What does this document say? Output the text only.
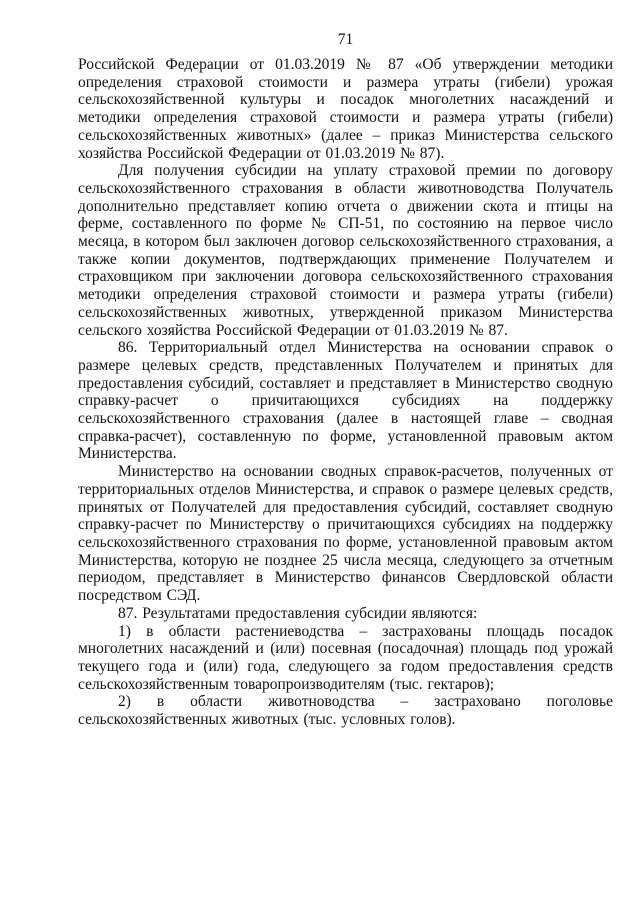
71

Российской Федерации от 01.03.2019 № 87 «Об утверждении методики определения страховой стоимости и размера утраты (гибели) урожая сельскохозяйственной культуры и посадок многолетних насаждений и методики определения страховой стоимости и размера утраты (гибели) сельскохозяйственных животных» (далее – приказ Министерства сельского хозяйства Российской Федерации от 01.03.2019 № 87).

Для получения субсидии на уплату страховой премии по договору сельскохозяйственного страхования в области животноводства Получатель дополнительно представляет копию отчета о движении скота и птицы на ферме, составленного по форме № СП-51, по состоянию на первое число месяца, в котором был заключен договор сельскохозяйственного страхования, а также копии документов, подтверждающих применение Получателем и страховщиком при заключении договора сельскохозяйственного страхования методики определения страховой стоимости и размера утраты (гибели) сельскохозяйственных животных, утвержденной приказом Министерства сельского хозяйства Российской Федерации от 01.03.2019 № 87.

86. Территориальный отдел Министерства на основании справок о размере целевых средств, представленных Получателем и принятых для предоставления субсидий, составляет и представляет в Министерство сводную справку-расчет о причитающихся субсидиях на поддержку сельскохозяйственного страхования (далее в настоящей главе – сводная справка-расчет), составленную по форме, установленной правовым актом Министерства.

Министерство на основании сводных справок-расчетов, полученных от территориальных отделов Министерства, и справок о размере целевых средств, принятых от Получателей для предоставления субсидий, составляет сводную справку-расчет по Министерству о причитающихся субсидиях на поддержку сельскохозяйственного страхования по форме, установленной правовым актом Министерства, которую не позднее 25 числа месяца, следующего за отчетным периодом, представляет в Министерство финансов Свердловской области посредством СЭД.

87. Результатами предоставления субсидии являются:

1) в области растениеводства – застрахованы площадь посадок многолетних насаждений и (или) посевная (посадочная) площадь под урожай текущего года и (или) года, следующего за годом предоставления средств сельскохозяйственным товаропроизводителям (тыс. гектаров);

2) в области животноводства – застраховано поголовье сельскохозяйственных животных (тыс. условных голов).
